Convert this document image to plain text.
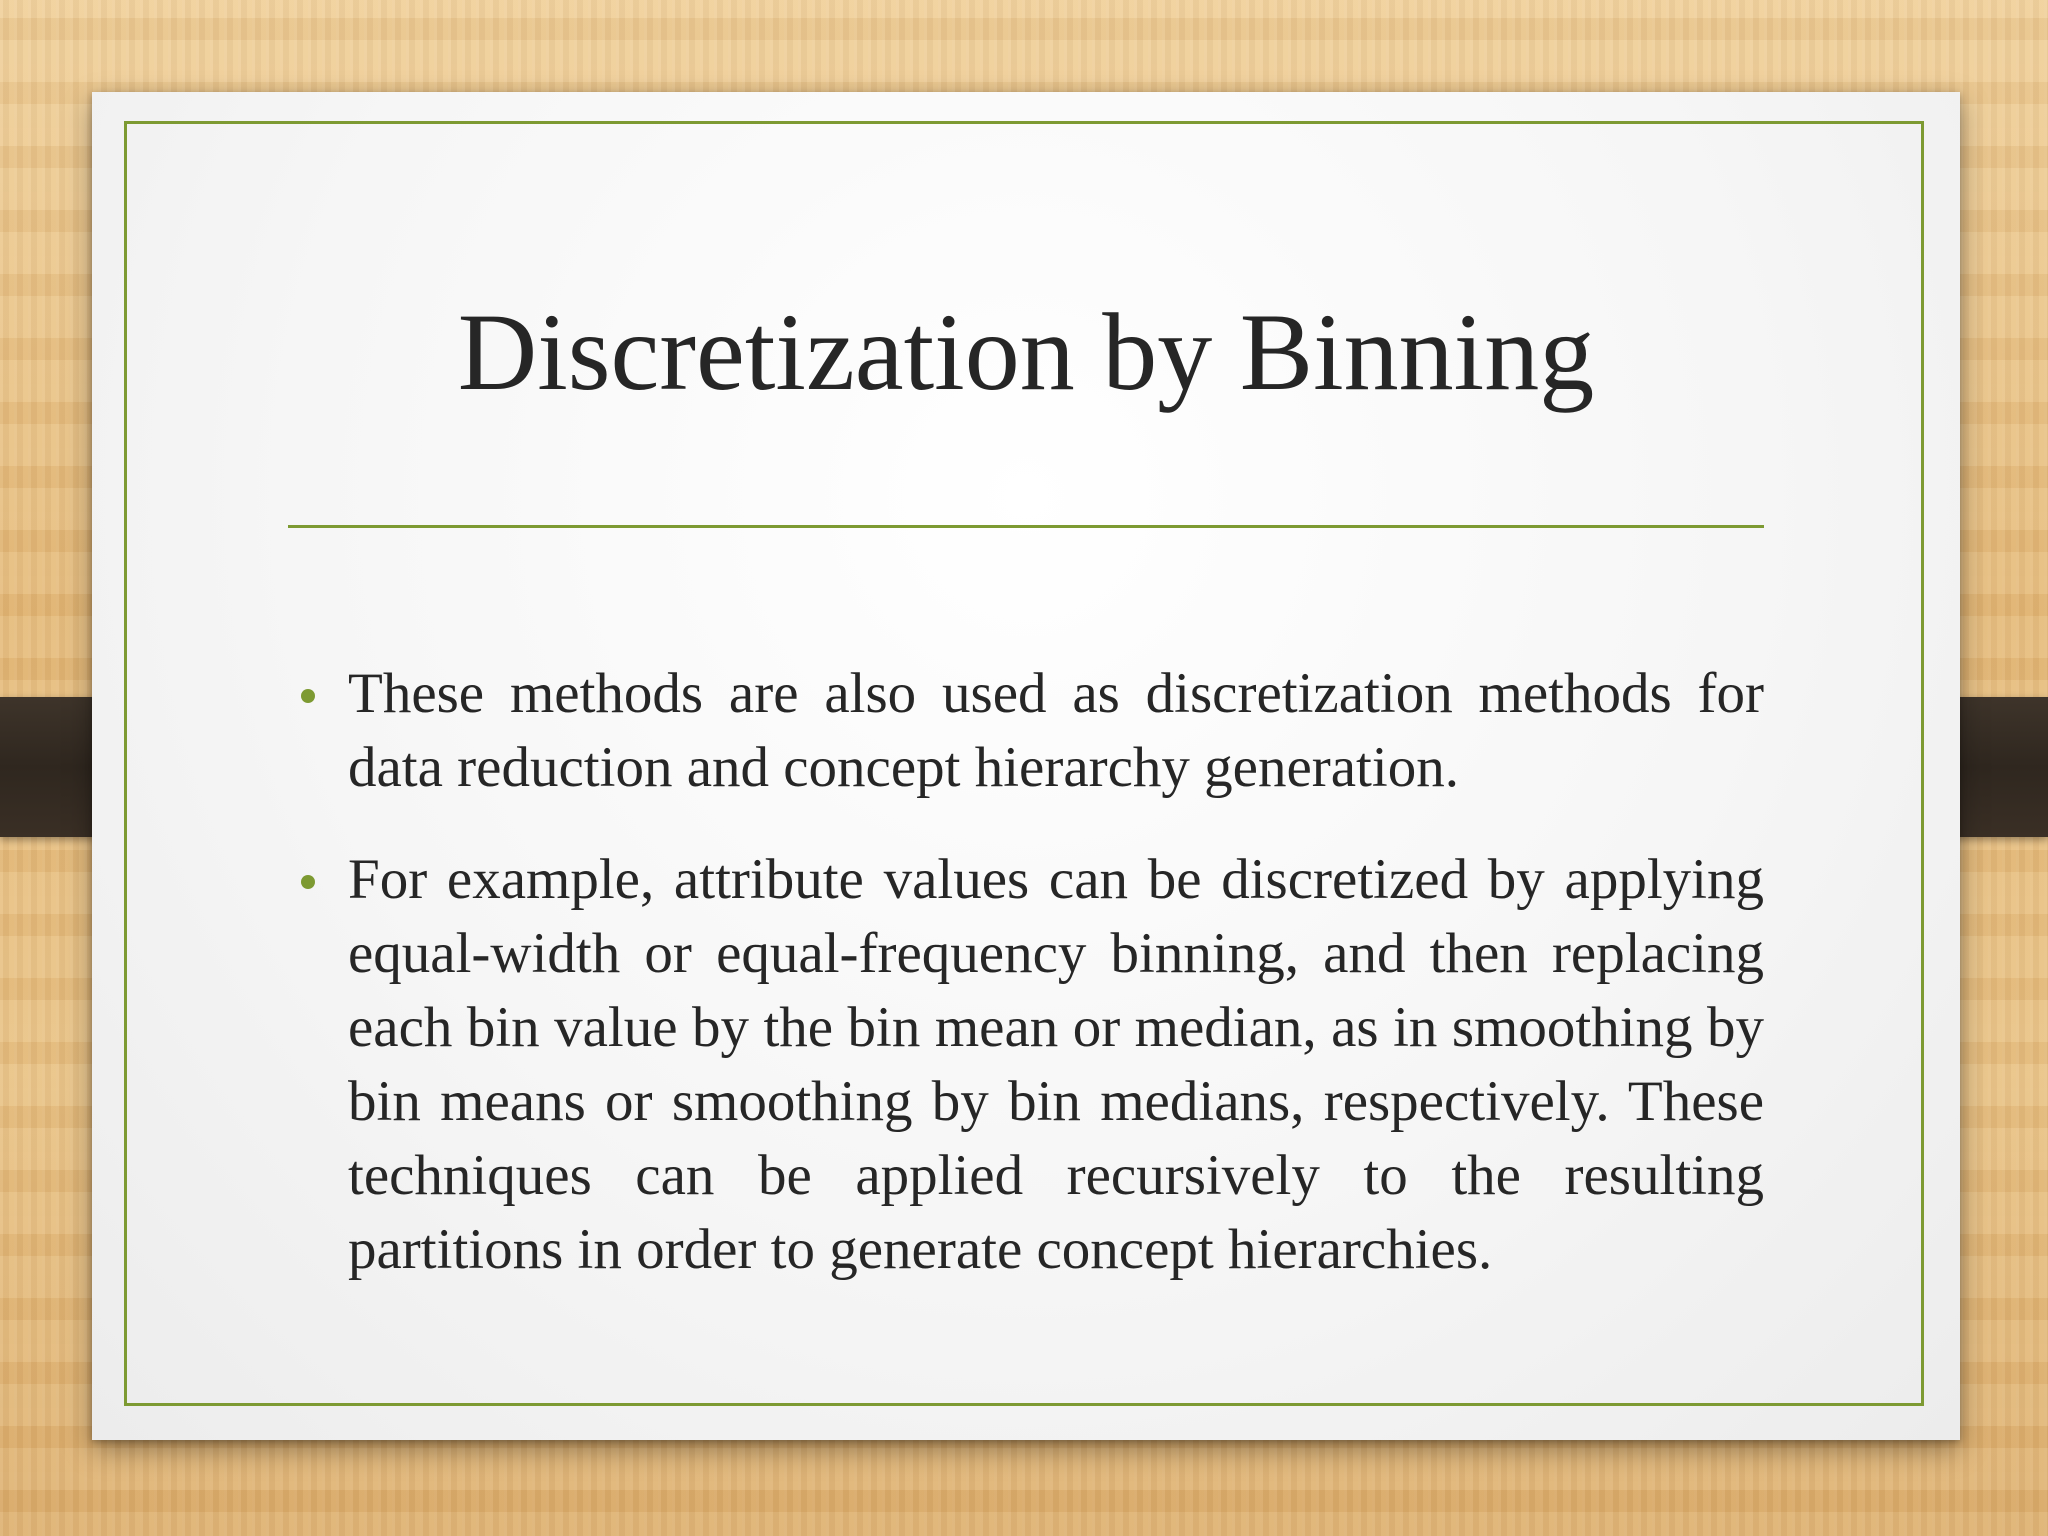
Discretization by Binning
These methods are also used as discretization methods for data reduction and concept hierarchy generation.
For example, attribute values can be discretized by applying equal-width or equal-frequency binning, and then replacing each bin value by the bin mean or median, as in smoothing by bin means or smoothing by bin medians, respectively. These techniques can be applied recursively to the resulting partitions in order to generate concept hierarchies.
